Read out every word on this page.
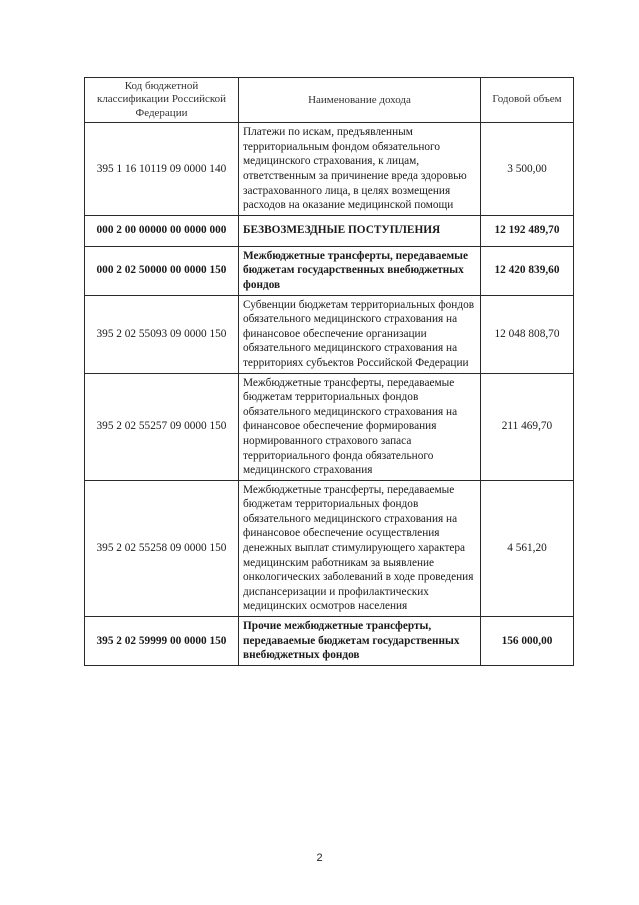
Код бюджетной классификации Российской Федерации	Наименование дохода	Годовой объем
395 1 16 10119 09 0000 140	Платежи по искам, предъявленным территориальным фондом обязательного медицинского страхования, к лицам, ответственным за причинение вреда здоровью застрахованного лица, в целях возмещения расходов на оказание медицинской помощи	3 500,00
000 2 00 00000 00 0000 000	БЕЗВОЗМЕЗДНЫЕ ПОСТУПЛЕНИЯ	12 192 489,70
000 2 02 50000 00 0000 150	Межбюджетные трансферты, передаваемые бюджетам государственных внебюджетных фондов	12 420 839,60
395 2 02 55093 09 0000 150	Субвенции бюджетам территориальных фондов обязательного медицинского страхования на финансовое обеспечение организации обязательного медицинского страхования на территориях субъектов Российской Федерации	12 048 808,70
395 2 02 55257 09 0000 150	Межбюджетные трансферты, передаваемые бюджетам территориальных фондов обязательного медицинского страхования на финансовое обеспечение формирования нормированного страхового запаса территориального фонда обязательного медицинского страхования	211 469,70
395 2 02 55258 09 0000 150	Межбюджетные трансферты, передаваемые бюджетам территориальных фондов обязательного медицинского страхования на финансовое обеспечение осуществления денежных выплат стимулирующего характера медицинским работникам за выявление онкологических заболеваний в ходе проведения диспансеризации и профилактических медицинских осмотров населения	4 561,20
395 2 02 59999 00 0000 150	Прочие межбюджетные трансферты, передаваемые бюджетам государственных внебюджетных фондов	156 000,00
2
